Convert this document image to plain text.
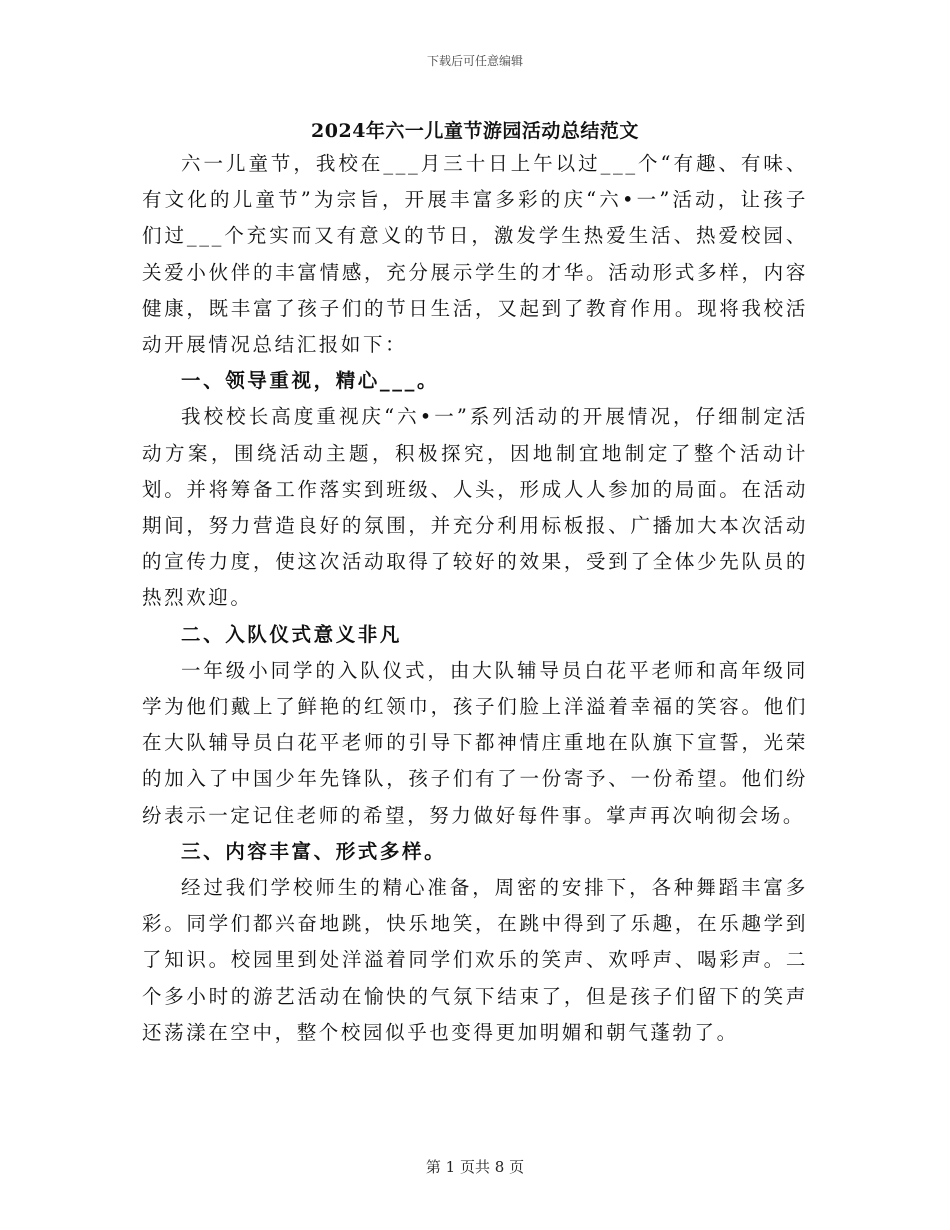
下载后可任意编辑
2024年六一儿童节游园活动总结范文

六一儿童节，我校在___月三十日上午以过___个“有趣、有味、有文化的儿童节”为宗旨，开展丰富多彩的庆“六•一”活动，让孩子们过___个充实而又有意义的节日，激发学生热爱生活、热爱校园、关爱小伙伴的丰富情感，充分展示学生的才华。活动形式多样，内容健康，既丰富了孩子们的节日生活，又起到了教育作用。现将我校活动开展情况总结汇报如下：

一、领导重视，精心___。

我校校长高度重视庆“六•一”系列活动的开展情况，仔细制定活动方案，围绕活动主题，积极探究，因地制宜地制定了整个活动计划。并将筹备工作落实到班级、人头，形成人人参加的局面。在活动期间，努力营造良好的氛围，并充分利用标板报、广播加大本次活动的宣传力度，使这次活动取得了较好的效果，受到了全体少先队员的热烈欢迎。

二、入队仪式意义非凡

一年级小同学的入队仪式，由大队辅导员白花平老师和高年级同学为他们戴上了鲜艳的红领巾，孩子们脸上洋溢着幸福的笑容。他们在大队辅导员白花平老师的引导下都神情庄重地在队旗下宣誓，光荣的加入了中国少年先锋队，孩子们有了一份寄予、一份希望。他们纷纷表示一定记住老师的希望，努力做好每件事。掌声再次响彻会场。

三、内容丰富、形式多样。

经过我们学校师生的精心准备，周密的安排下，各种舞蹈丰富多彩。同学们都兴奋地跳，快乐地笑，在跳中得到了乐趣，在乐趣学到了知识。校园里到处洋溢着同学们欢乐的笑声、欢呼声、喝彩声。二个多小时的游艺活动在愉快的气氛下结束了，但是孩子们留下的笑声还荡漾在空中，整个校园似乎也变得更加明媚和朝气蓬勃了。

第 1 页共 8 页
